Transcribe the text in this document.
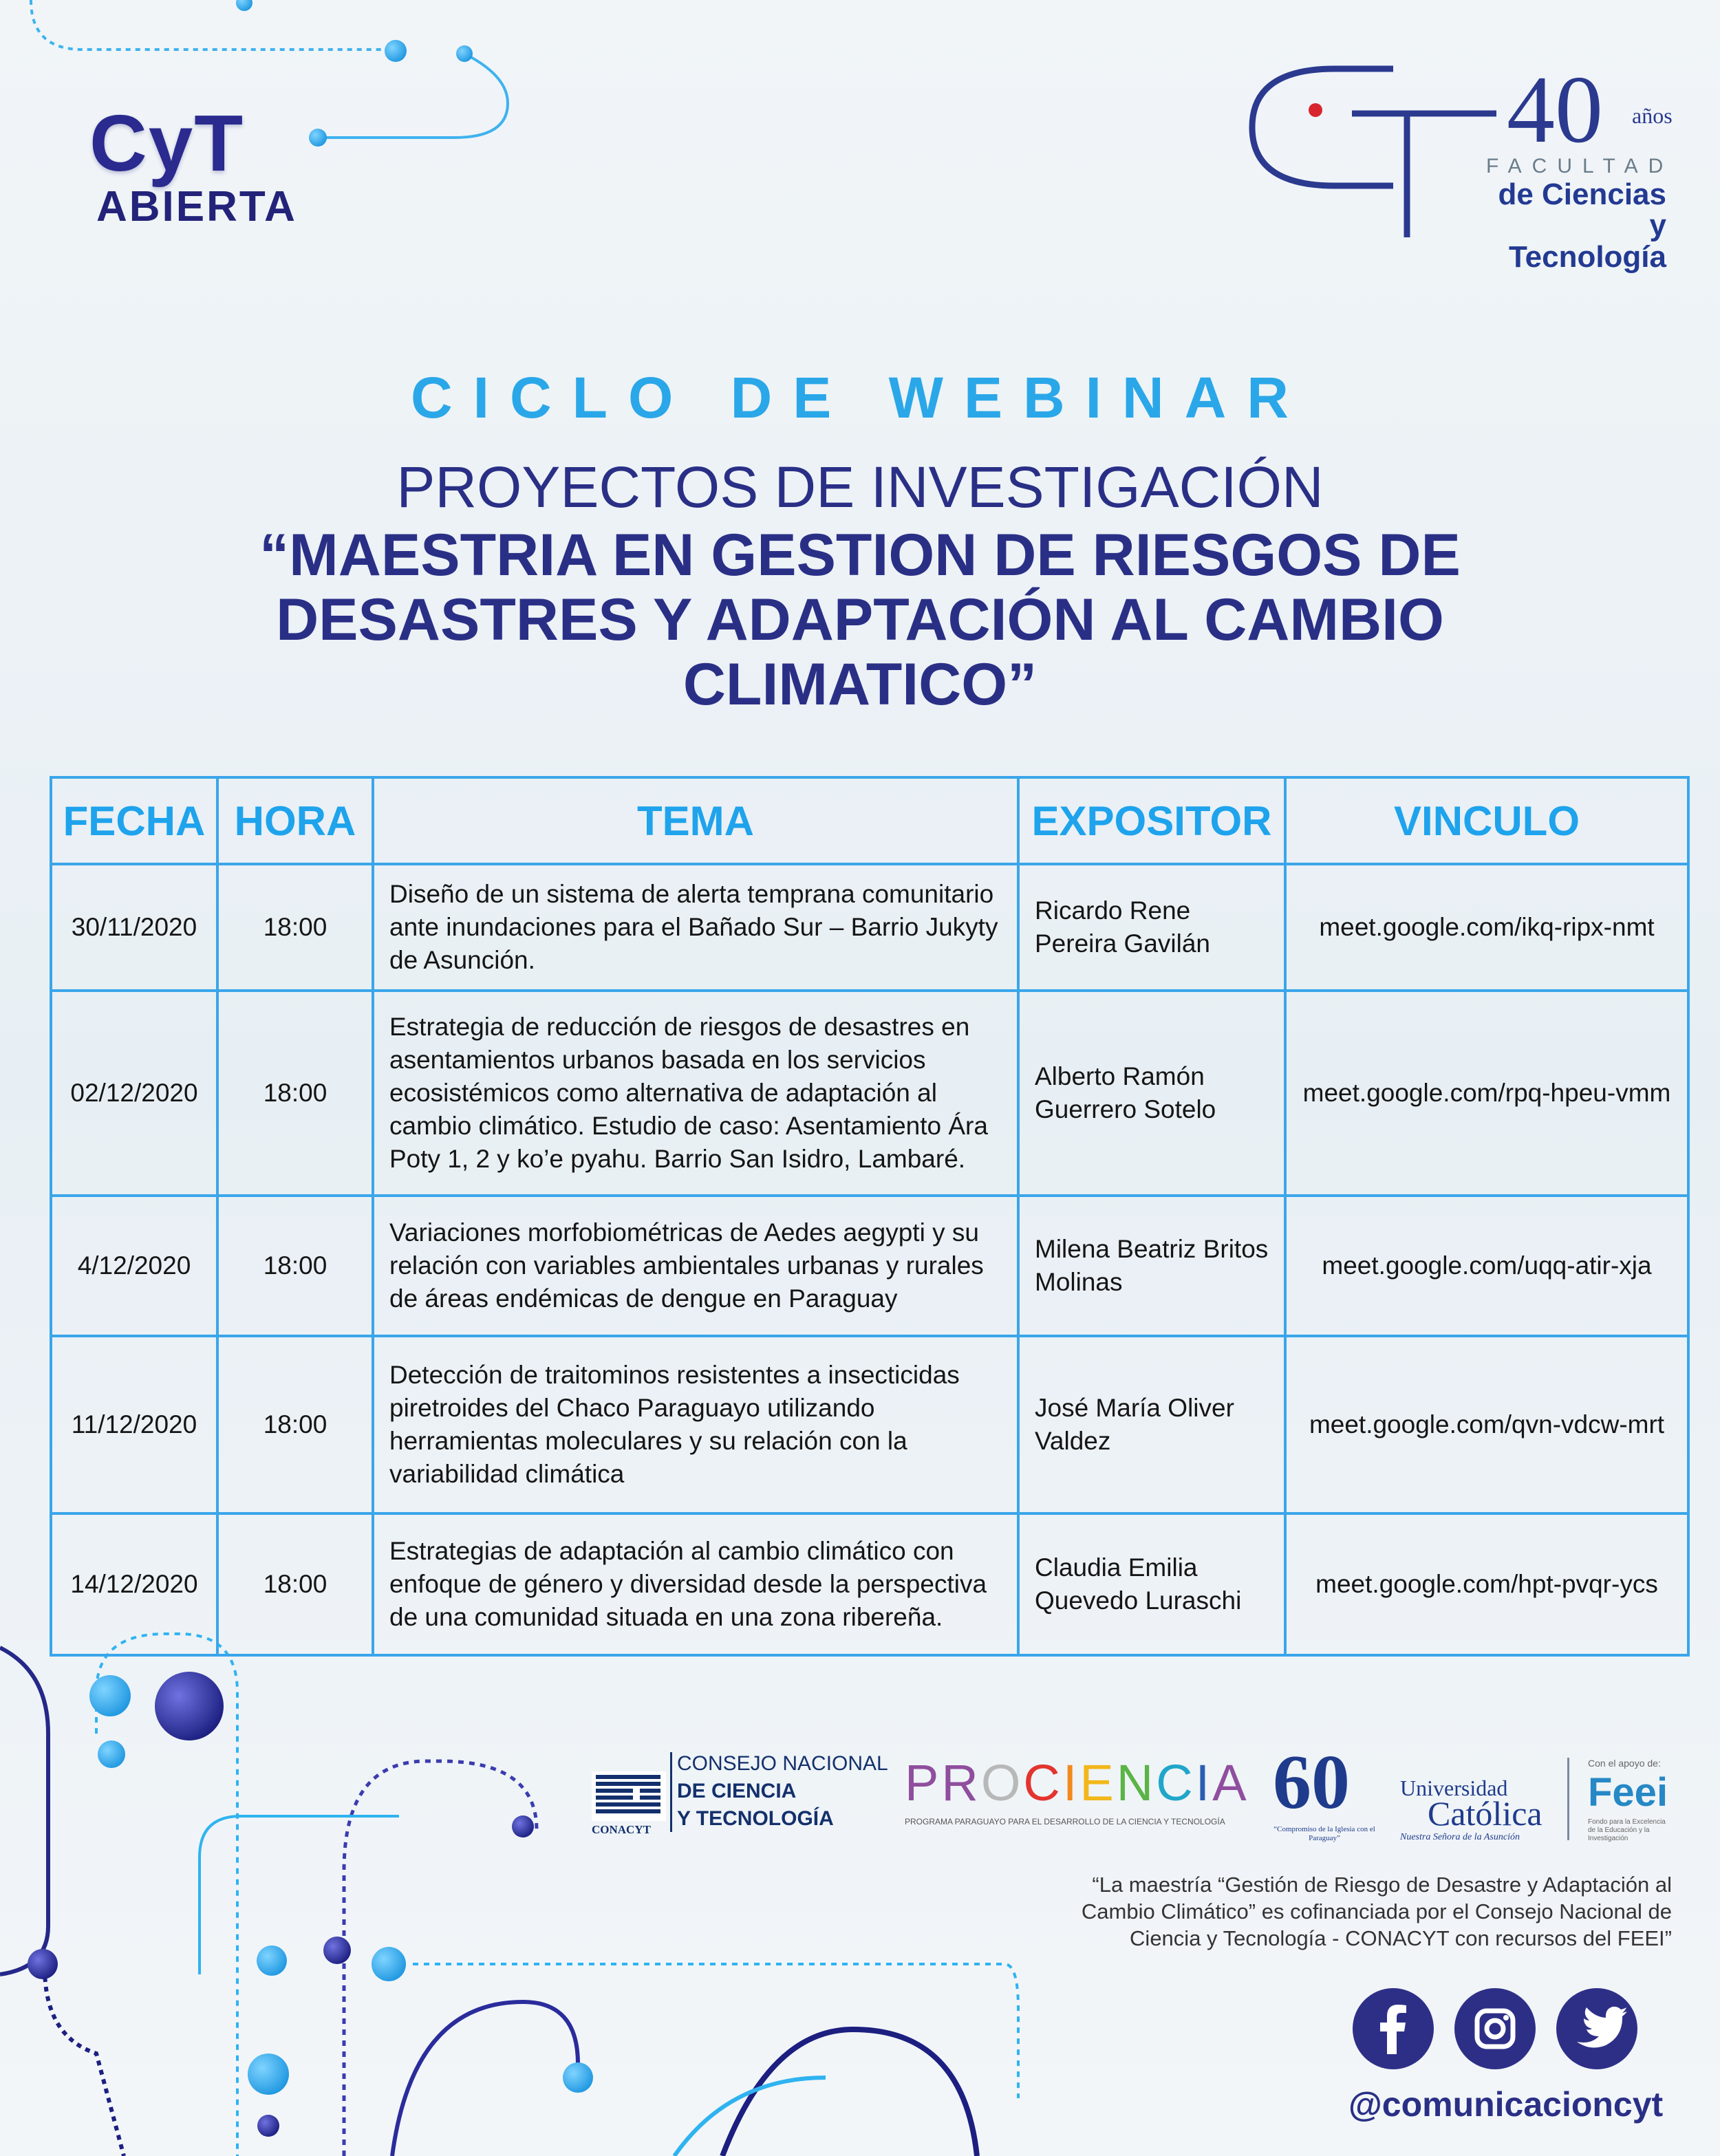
CyT
ABIERTA
40 años
FACULTAD
de Ciencias
y Tecnología
CICLO DE WEBINAR
PROYECTOS DE INVESTIGACIÓN
“MAESTRIA EN GESTION DE RIESGOS DE DESASTRES Y ADAPTACIÓN AL CAMBIO CLIMATICO”
FECHA	HORA	TEMA	EXPOSITOR	VINCULO
30/11/2020	18:00	Diseño de un sistema de alerta temprana comunitario ante inundaciones para el Bañado Sur – Barrio Jukyty de Asunción.	Ricardo Rene Pereira Gavilán	meet.google.com/ikq-ripx-nmt
02/12/2020	18:00	Estrategia de reducción de riesgos de desastres en asentamientos urbanos basada en los servicios ecosistémicos como alternativa de adaptación al cambio climático. Estudio de caso: Asentamiento Ára Poty 1, 2 y ko’e pyahu. Barrio San Isidro, Lambaré.	Alberto Ramón Guerrero Sotelo	meet.google.com/rpq-hpeu-vmm
4/12/2020	18:00	Variaciones morfobiométricas de Aedes aegypti y su relación con variables ambientales urbanas y rurales de áreas endémicas de dengue en Paraguay	Milena Beatriz Britos Molinas	meet.google.com/uqq-atir-xja
11/12/2020	18:00	Detección de traitominos resistentes a insecticidas piretroides del Chaco Paraguayo utilizando herramientas moleculares y su relación con la variabilidad climática	José María Oliver Valdez	meet.google.com/qvn-vdcw-mrt
14/12/2020	18:00	Estrategias de adaptación al cambio climático con enfoque de género y diversidad desde la perspectiva de una comunidad situada en una zona ribereña.	Claudia Emilia Quevedo Luraschi	meet.google.com/hpt-pvqr-ycs
CONACYT
CONSEJO NACIONAL
DE CIENCIA
Y TECNOLOGÍA
PROCIENCIA
PROGRAMA PARAGUAYO PARA EL DESARROLLO DE LA CIENCIA Y TECNOLOGÍA 60
“Compromiso de la Iglesia con el Paraguay”
Universidad
Católica
Nuestra Señora de la Asunción
Con el apoyo de:
Feei
Fondo para la Excelencia de la Educación y la Investigación
“La maestría “Gestión de Riesgo de Desastre y Adaptación al Cambio Climático” es cofinanciada por el Consejo Nacional de Ciencia y Tecnología - CONACYT con recursos del FEEI”
@comunicacioncyt
